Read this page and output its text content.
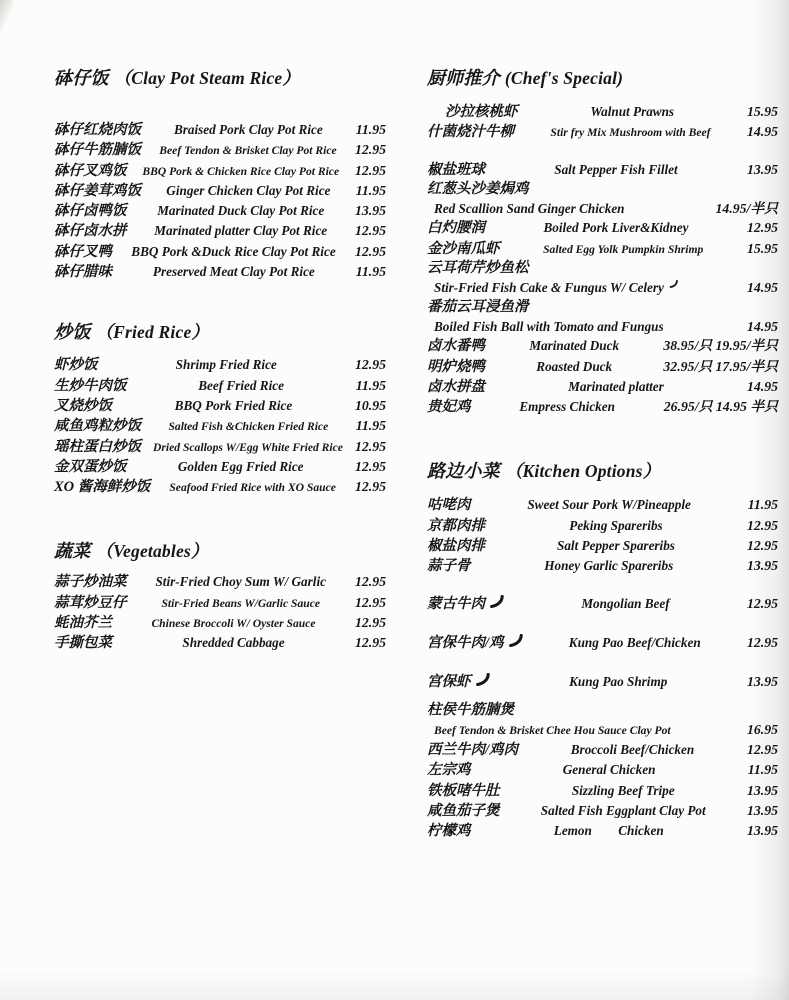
砵仔饭 （Clay Pot Steam Rice）
砵仔红烧肉饭	Braised Pork Clay Pot Rice	11.95
砵仔牛筋腩饭	Beef Tendon & Brisket Clay Pot Rice	12.95
砵仔叉鸡饭	BBQ Pork & Chicken Rice Clay Pot Rice	12.95
砵仔姜茸鸡饭	Ginger Chicken Clay Pot Rice	11.95
砵仔卤鸭饭	Marinated Duck Clay Pot Rice	13.95
砵仔卤水拼	Marinated platter Clay Pot Rice	12.95
砵仔叉鸭	BBQ Pork &Duck Rice Clay Pot Rice	12.95
砵仔腊味	Preserved Meat Clay Pot Rice	11.95
炒饭 （Fried Rice）
虾炒饭	Shrimp Fried Rice	12.95
生炒牛肉饭	Beef Fried Rice	11.95
叉烧炒饭	BBQ Pork Fried Rice	10.95
咸鱼鸡粒炒饭	Salted Fish &Chicken Fried Rice	11.95
瑶柱蛋白炒饭	Dried Scallops W/Egg White Fried Rice 12.95
金双蛋炒饭	Golden Egg Fried Rice	12.95
XO 酱海鲜炒饭	Seafood Fried Rice with XO Sauce	12.95
蔬菜 （Vegetables）
蒜子炒油菜	Stir-Fried Choy Sum W/ Garlic	12.95
蒜茸炒豆仔	Stir-Fried Beans W/Garlic Sauce	12.95
蚝油芥兰	Chinese Broccoli W/ Oyster Sauce	12.95
手撕包菜	Shredded Cabbage	12.95
厨师推介 (Chef's Special)
沙拉核桃虾	Walnut Prawns	15.95
什菌烧汁牛柳	Stir fry Mix Mushroom with Beef	14.95
椒盐班球	Salt Pepper Fish Fillet	13.95
红葱头沙姜焗鸡
Red Scallion Sand Ginger Chicken	14.95/半只
白灼腰润	Boiled Pork Liver&Kidney	12.95
金沙南瓜虾	Salted Egg Yolk Pumpkin Shrimp	15.95
云耳荷芹炒鱼松
Stir-Fried Fish Cake & Fungus W/ Celery	14.95
番茄云耳浸鱼滑
Boiled Fish Ball with Tomato and Fungus	14.95
卤水番鸭	Marinated Duck	38.95/只 19.95/半只
明炉烧鸭	Roasted Duck	32.95/只 17.95/半只
卤水拼盘	Marinated platter	14.95
贵妃鸡	Empress Chicken	26.95/只 14.95 半只
路边小菜 （Kitchen Options）
咕咾肉	Sweet Sour Pork W/Pineapple	11.95
京都肉排	Peking Spareribs	12.95
椒盐肉排	Salt Pepper Spareribs	12.95
蒜子骨	Honey Garlic Spareribs	13.95
蒙古牛肉	Mongolian Beef	12.95
宫保牛肉/鸡	Kung Pao Beef/Chicken	12.95
宫保虾	Kung Pao Shrimp	13.95
柱侯牛筋腩煲
Beef Tendon & Brisket Chee Hou Sauce Clay Pot	16.95
西兰牛肉/鸡肉	Broccoli Beef/Chicken	12.95
左宗鸡	General Chicken	11.95
铁板啫牛肚	Sizzling Beef Tripe	13.95
咸鱼茄子煲	Salted Fish Eggplant Clay Pot	13.95
柠檬鸡	Lemon  Chicken	13.95
